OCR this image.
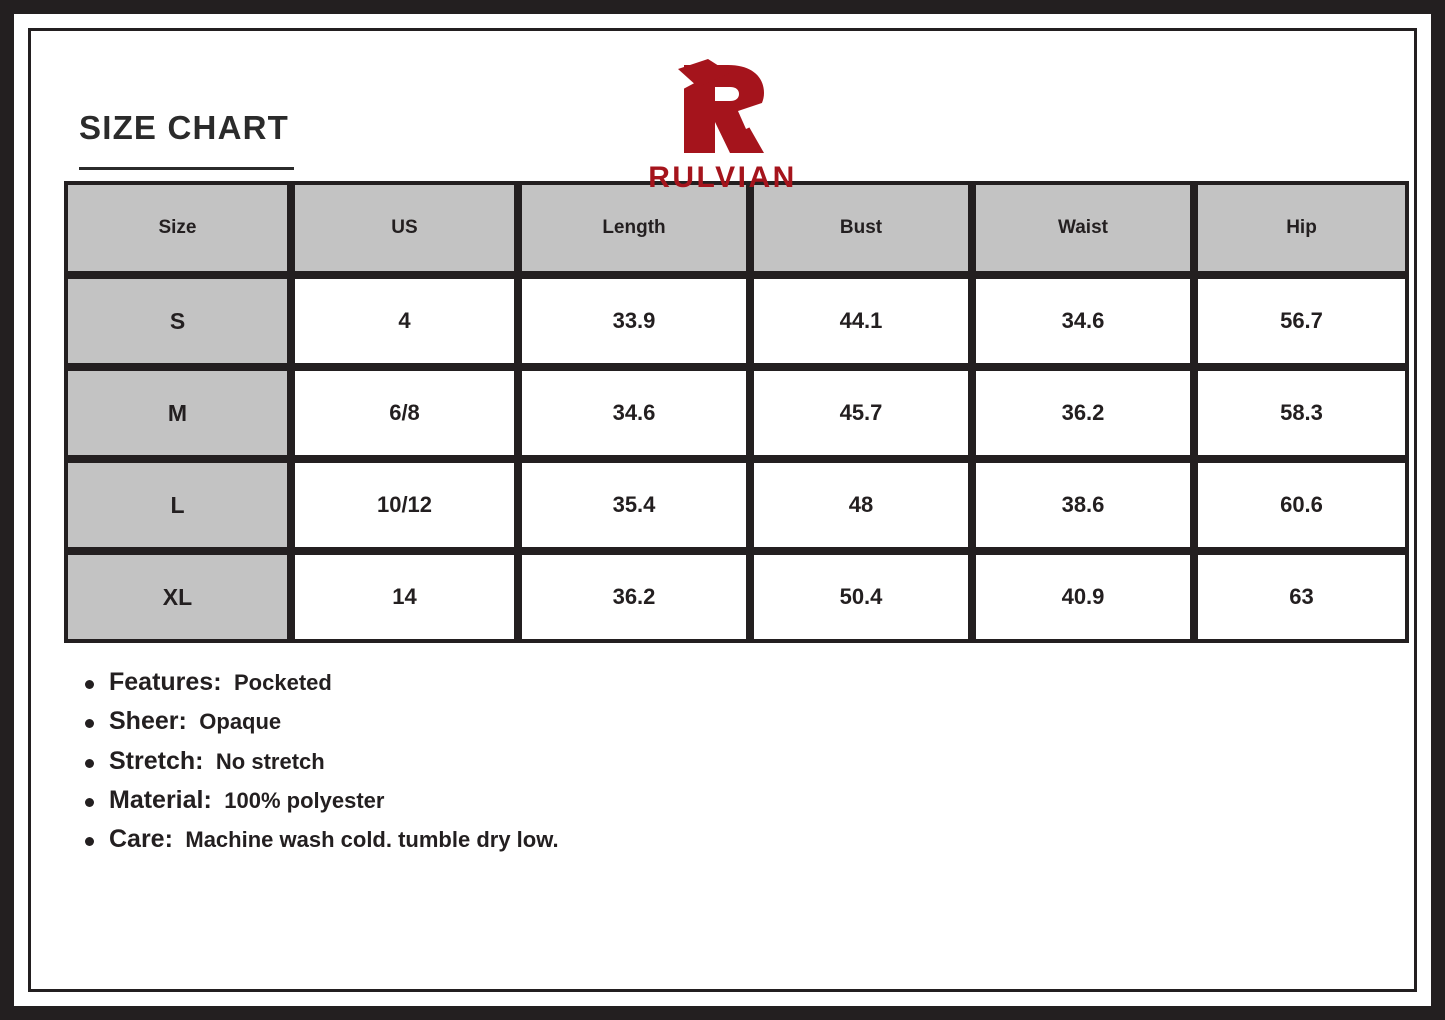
SIZE CHART
RULVIAN
Size	US	Length	Bust	Waist	Hip
S	4	33.9	44.1	34.6	56.7
M	6/8	34.6	45.7	36.2	58.3
L	10/12	35.4	48	38.6	60.6
XL	14	36.2	50.4	40.9	63
Features: Pocketed
Sheer: Opaque
Stretch: No stretch
Material: 100% polyester
Care: Machine wash cold. tumble dry low.
